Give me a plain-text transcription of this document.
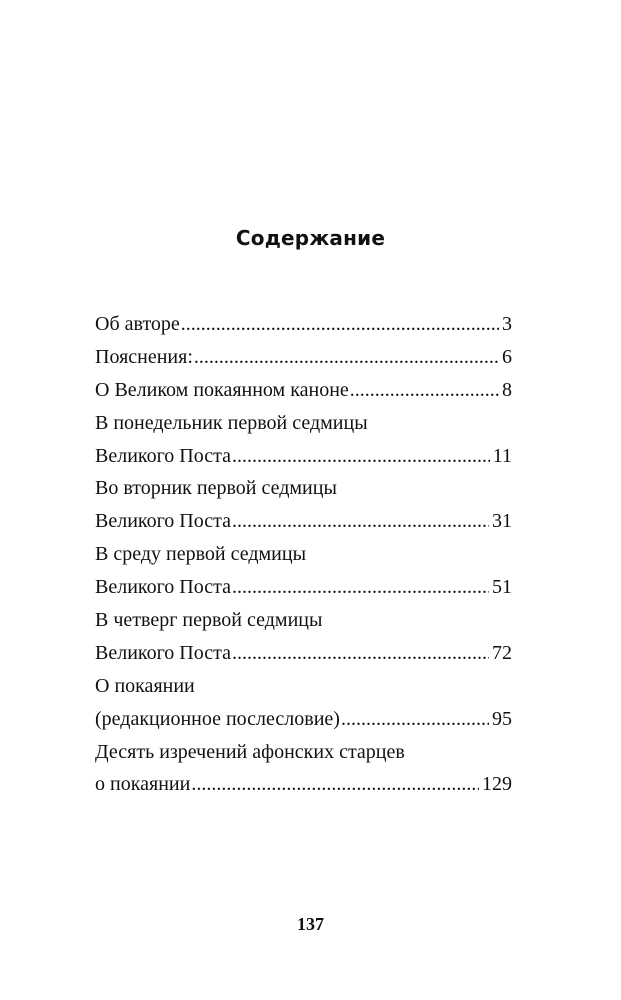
Содержание
Об авторе .....	3
Пояснения: .....	6
О Великом покаянном каноне .....	8
В понедельник первой седмицы
Великого Поста .....	11
Во вторник первой седмицы
Великого Поста .....	31
В среду первой седмицы
Великого Поста .....	51
В четверг первой седмицы
Великого Поста .....	72
О покаянии
(редакционное послесловие) .....	95
Десять изречений афонских старцев
о покаянии .....	129
137
